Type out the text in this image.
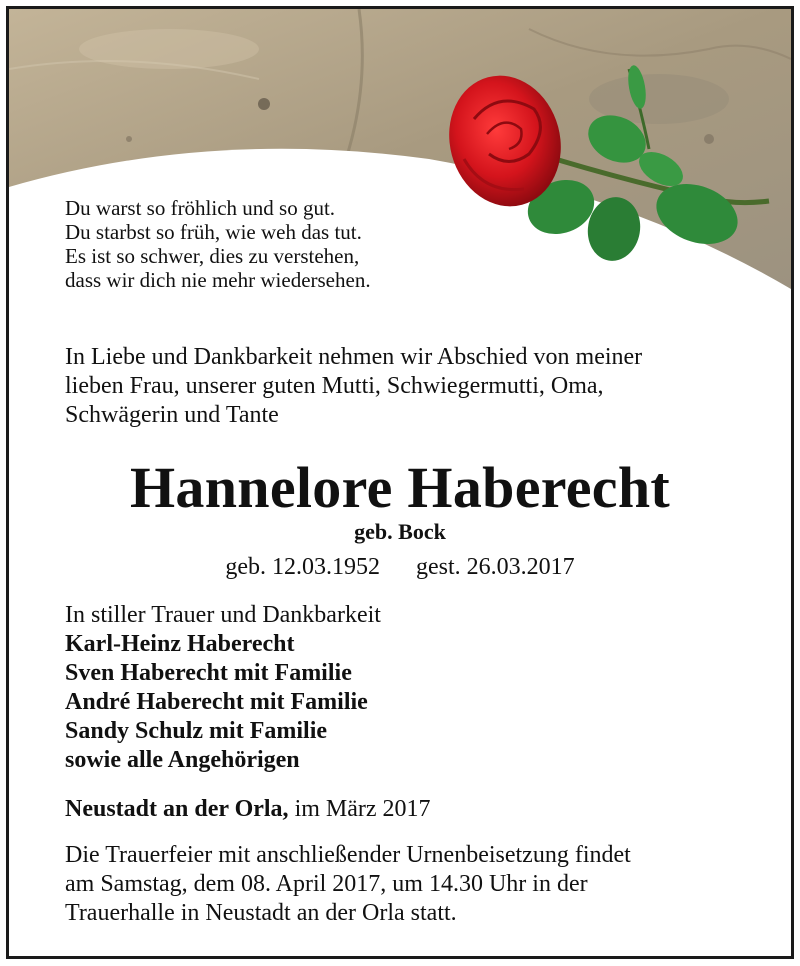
Du warst so fröhlich und so gut.
Du starbst so früh, wie weh das tut.
Es ist so schwer, dies zu verstehen,
dass wir dich nie mehr wiedersehen.
In Liebe und Dankbarkeit nehmen wir Abschied von meiner
lieben Frau, unserer guten Mutti, Schwiegermutti, Oma,
Schwägerin und Tante
Hannelore Haberecht
geb. Bock
geb. 12.03.1952      gest. 26.03.2017
In stiller Trauer und Dankbarkeit
Karl-Heinz Haberecht
Sven Haberecht mit Familie
André Haberecht mit Familie
Sandy Schulz mit Familie
sowie alle Angehörigen
Neustadt an der Orla, im März 2017
Die Trauerfeier mit anschließender Urnenbeisetzung findet
am Samstag, dem 08. April 2017, um 14.30 Uhr in der
Trauerhalle in Neustadt an der Orla statt.
